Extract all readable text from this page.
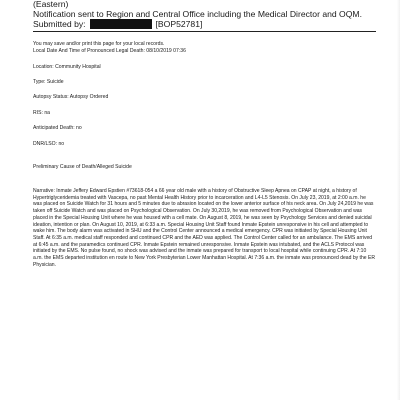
(Eastern)

Notification sent to Region and Central Office including the Medical Director and OQM.

Submitted by:	[BOP52781]

You may save and/or print this page for your local records.

Local Date And Time of Pronounced Legal Death: 08/10/2019 07:36

Location: Community Hospital

Type: Suicide

Autopsy Status: Autopsy Ordered

RIS: na

Anticipated Death: no

DNR/LSO: no

Preliminary Cause of Death/Alleged Suicide

Narrative: Inmate Jeffery Edward Epstien #73618-054 a 66 year old male with a history of Obstructive Sleep Apnea on CPAP at night, a history of Hypertriglyceridemia treated with Vascepa, no past Mental Health History prior to incarceration and L4-L5 Stenosis. On July 23, 2019, at 2:00 a.m. he was placed on Suicide Watch for 31 hours and 5 minutes due to abrasion located on the lower anterior surface of his neck area. On July 24,2019 he was taken off Suicide Watch and was placed on Psychological Observation. On July 30,2019, he was removed from Psychological Observation and was placed in the Special Housing Unit where he was housed with a cell mate. On August 8, 2019, he was seen by Psychology Services and denied suicidal ideation, intention or plan. On August 10, 2019, at 6:33 a.m. Special Housing Unit Staff found Inmate Epstein unresponsive in his cell and attempted to wake him. The body alarm was activated in SHU and the Control Center announced a medical emergency. CPR was initiated by Special Housing Unit Staff. At 6:35 a.m. medical staff responded and continued CPR and the AED was applied. The Control Center called for an ambulance. The EMS arrived at 6:45 a.m. and the paramedics continued CPR. Inmate Epstein remained unresponsive. Inmate Epstein was intubated, and the ACLS Protocol was initiated by the EMS. No pulse found, no shock was advised and the inmate was prepared for transport to local hospital while continuing CPR. At 7:10 a.m. the EMS departed institution en route to New York Presbyterian Lower Manhattan Hospital. At 7:36 a.m. the inmate was pronounced dead by the ER Physician.
